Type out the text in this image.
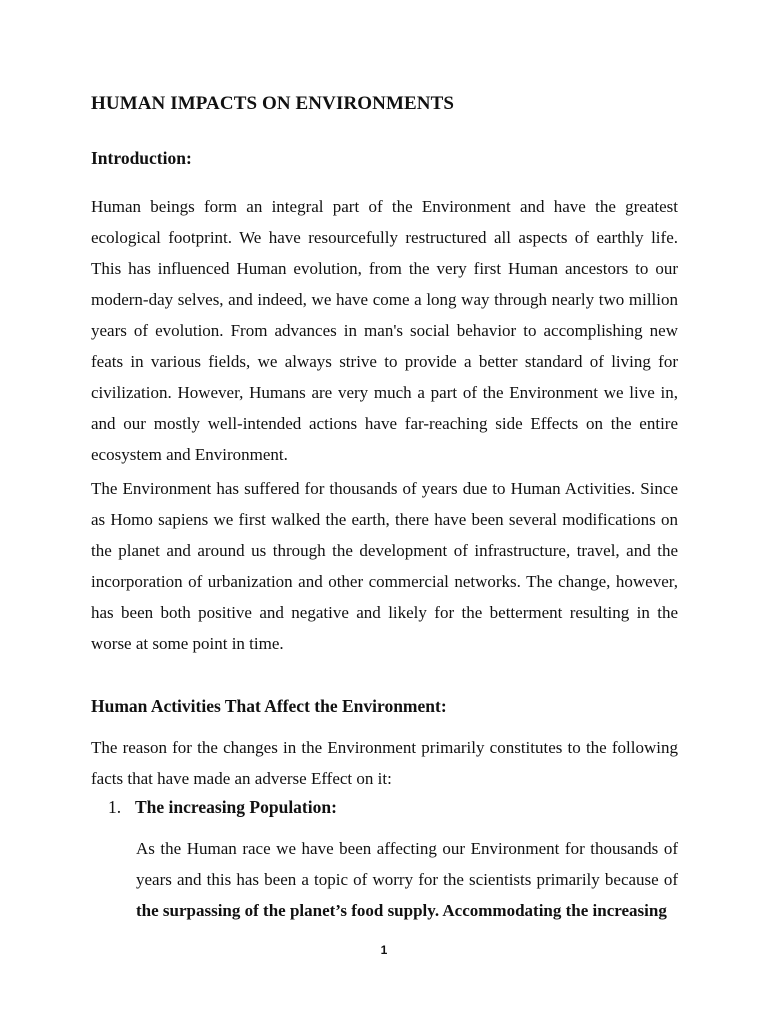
HUMAN IMPACTS ON ENVIRONMENTS
Introduction:

Human beings form an integral part of the Environment and have the greatest ecological footprint. We have resourcefully restructured all aspects of earthly life. This has influenced Human evolution, from the very first Human ancestors to our modern-day selves, and indeed, we have come a long way through nearly two million years of evolution. From advances in man's social behavior to accomplishing new feats in various fields, we always strive to provide a better standard of living for civilization. However, Humans are very much a part of the Environment we live in, and our mostly well-intended actions have far-reaching side Effects on the entire ecosystem and Environment.

The Environment has suffered for thousands of years due to Human Activities. Since as Homo sapiens we first walked the earth, there have been several modifications on the planet and around us through the development of infrastructure, travel, and the incorporation of urbanization and other commercial networks. The change, however, has been both positive and negative and likely for the betterment resulting in the worse at some point in time.

Human Activities That Affect the Environment:

The reason for the changes in the Environment primarily constitutes to the following facts that have made an adverse Effect on it:

1. The increasing Population:

As the Human race we have been affecting our Environment for thousands of years and this has been a topic of worry for the scientists primarily because of the surpassing of the planet’s food supply. Accommodating the increasing

1
